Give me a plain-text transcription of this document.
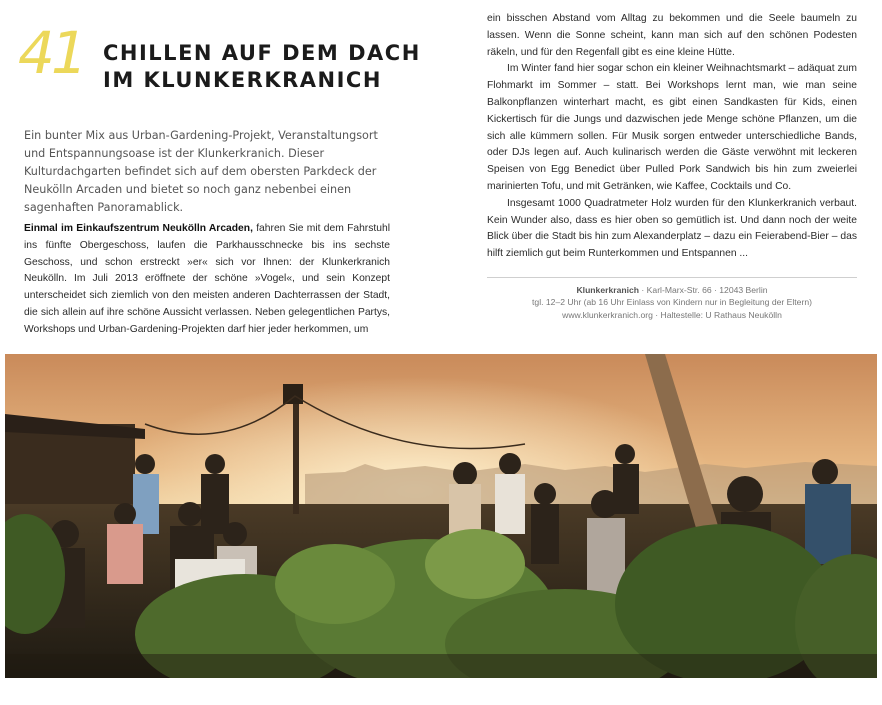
41 CHILLEN AUF DEM DACH
IM KLUNKERKRANICH

Ein bunter Mix aus Urban-Gardening-Projekt, Veranstaltungsort und Entspannungsoase ist der Klunkerkranich. Dieser Kulturdachgarten befindet sich auf dem obersten Parkdeck der Neukölln Arcaden und bietet so noch ganz nebenbei einen sagenhaften Panoramablick.

Einmal im Einkaufszentrum Neukölln Arcaden, fahren Sie mit dem Fahrstuhl ins fünfte Obergeschoss, laufen die Parkhausschnecke bis ins sechste Geschoss, und schon erstreckt »er« sich vor Ihnen: der Klunkerkranich Neukölln. Im Juli 2013 eröffnete der schöne »Vogel«, und sein Konzept unterscheidet sich ziemlich von den meisten anderen Dachterrassen der Stadt, die sich allein auf ihre schöne Aussicht verlassen. Neben gelegentlichen Partys, Workshops und Urban-Gardening-Projekten darf hier jeder herkommen, um

ein bisschen Abstand vom Alltag zu bekommen und die Seele baumeln zu lassen. Wenn die Sonne scheint, kann man sich auf den schönen Podesten räkeln, und für den Regenfall gibt es eine kleine Hütte.

Im Winter fand hier sogar schon ein kleiner Weihnachtsmarkt – adäquat zum Flohmarkt im Sommer – statt. Bei Workshops lernt man, wie man seine Balkonpflanzen winterhart macht, es gibt einen Sandkasten für Kids, einen Kickertisch für die Jungs und dazwischen jede Menge schöne Pflanzen, um die sich alle kümmern sollen. Für Musik sorgen entweder unterschiedliche Bands, oder DJs legen auf. Auch kulinarisch werden die Gäste verwöhnt mit leckeren Speisen von Egg Benedict über Pulled Pork Sandwich bis hin zum zweierlei marinierten Tofu, und mit Getränken, wie Kaffee, Cocktails und Co.

Insgesamt 1000 Quadratmeter Holz wurden für den Klunkerkranich verbaut. Kein Wunder also, dass es hier oben so gemütlich ist. Und dann noch der weite Blick über die Stadt bis hin zum Alexanderplatz – dazu ein Feierabend-Bier – das hilft ziemlich gut beim Runterkommen und Entspannen ...

Klunkerkranich · Karl-Marx-Str. 66 · 12043 Berlin
tgl. 12–2 Uhr (ab 16 Uhr Einlass von Kindern nur in Begleitung der Eltern)
www.klunkerkranich.org · Haltestelle: U Rathaus Neukölln
